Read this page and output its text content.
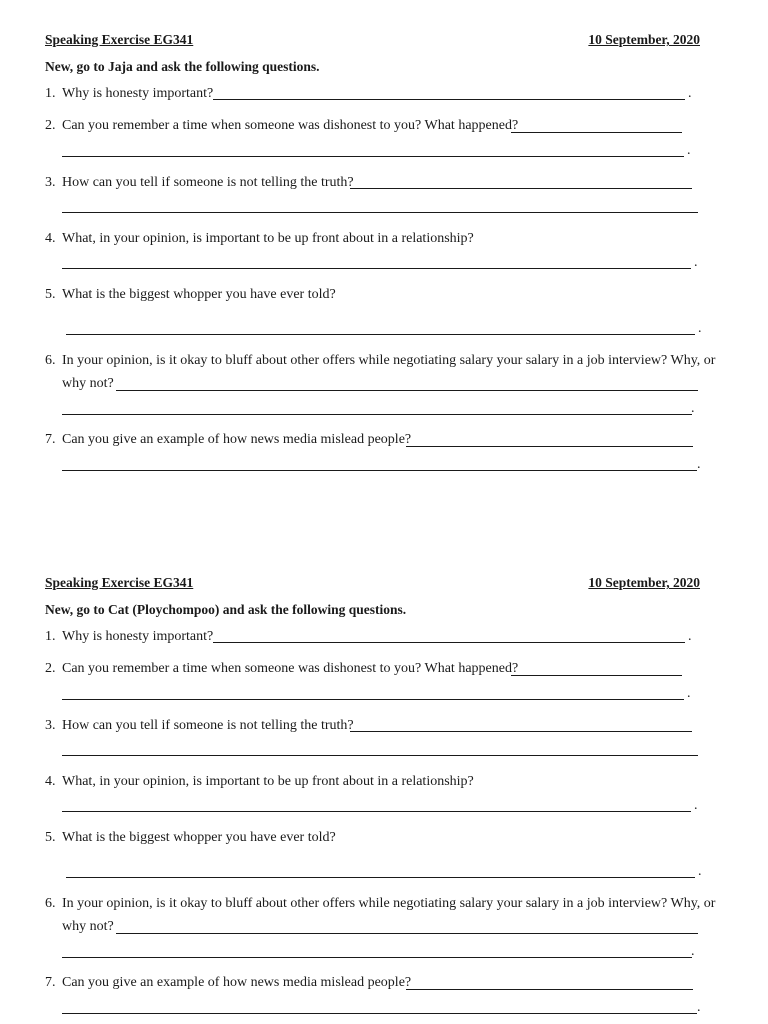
Speaking Exercise EG341	10 September, 2020
New, go to Jaja and ask the following questions.
1. Why is honesty important?	.
2. Can you remember a time when someone was dishonest to you? What happened?
.
3. How can you tell if someone is not telling the truth?
4. What, in your opinion, is important to be up front about in a relationship?
.
5. What is the biggest whopper you have ever told?
.
6. In your opinion, is it okay to bluff about other offers while negotiating salary your salary in a job interview? Why, or
why not?
.
7. Can you give an example of how news media mislead people?
.
Speaking Exercise EG341	10 September, 2020
New, go to Cat (Ploychompoo) and ask the following questions.
1. Why is honesty important?	.
2. Can you remember a time when someone was dishonest to you? What happened?
.
3. How can you tell if someone is not telling the truth?
4. What, in your opinion, is important to be up front about in a relationship?
.
5. What is the biggest whopper you have ever told?
.
6. In your opinion, is it okay to bluff about other offers while negotiating salary your salary in a job interview? Why, or
why not?
.
7. Can you give an example of how news media mislead people?
.
